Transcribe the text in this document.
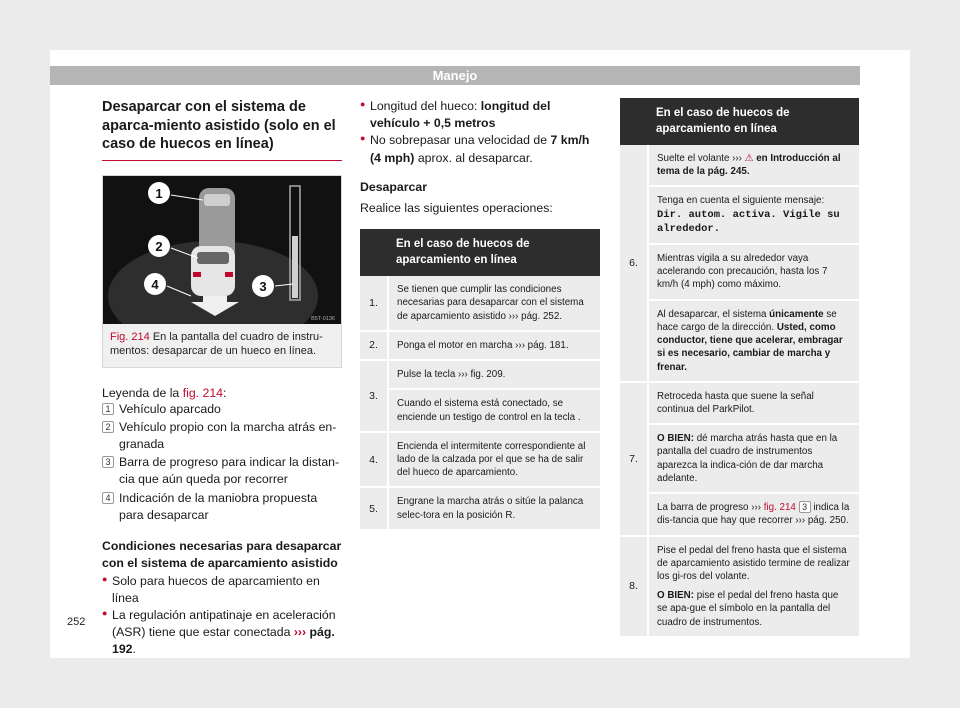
Manejo
Desaparcar con el sistema de aparca-miento asistido (solo en el caso de huecos en línea)
1
2
4	3
B5T-0136
Fig. 214 En la pantalla del cuadro de instru-mentos: desaparcar de un hueco en línea.
Leyenda de la fig. 214:
1 Vehículo aparcado
2 Vehículo propio con la marcha atrás en-granada
3 Barra de progreso para indicar la distan-cia que aún queda por recorrer
4 Indicación de la maniobra propuesta para desaparcar
Condiciones necesarias para desaparcar con el sistema de aparcamiento asistido
● Solo para huecos de aparcamiento en línea
● La regulación antipatinaje en aceleración (ASR) tiene que estar conectada ››› pág. 192.
● Longitud del hueco: longitud del vehículo + 0,5 metros
● No sobrepasar una velocidad de 7 km/h (4 mph) aprox. al desaparcar.
Desaparcar

Realice las siguientes operaciones:

	En el caso de huecos de aparcamiento en línea
1.	Se tienen que cumplir las condiciones necesarias para desaparcar con el sistema de aparcamiento asistido ››› pág. 252.
2.	Ponga el motor en marcha ››› pág. 181.
3.	Pulse la tecla ››› fig. 209.
	Cuando el sistema está conectado, se enciende un testigo de control en la tecla .
4.	Encienda el intermitente correspondiente al lado de la calzada por el que se ha de salir del hueco de aparcamiento.
5.	Engrane la marcha atrás o sitúe la palanca selec-tora en la posición R.
	En el caso de huecos de aparcamiento en línea
6.	Suelte el volante ››› ⚠ en Introducción al tema de la pág. 245.
	Tenga en cuenta el siguiente mensaje: Dir. autom. activa. Vigile su alrededor.
	Mientras vigila a su alrededor vaya acelerando con precaución, hasta los 7 km/h (4 mph) como máximo.
	Al desaparcar, el sistema únicamente se hace cargo de la dirección. Usted, como conductor, tiene que acelerar, embragar si es necesario, cambiar de marcha y frenar.
7.	Retroceda hasta que suene la señal continua del ParkPilot.
	O BIEN: dé marcha atrás hasta que en la pantalla del cuadro de instrumentos aparezca la indica-ción de dar marcha adelante.
	La barra de progreso ››› fig. 214 3 indica la dis-tancia que hay que recorrer ››› pág. 250.
8.	Pise el pedal del freno hasta que el sistema de aparcamiento asistido termine de realizar los gi-ros del volante.
O BIEN: pise el pedal del freno hasta que se apa-gue el símbolo en la pantalla del cuadro de instrumentos.
252
